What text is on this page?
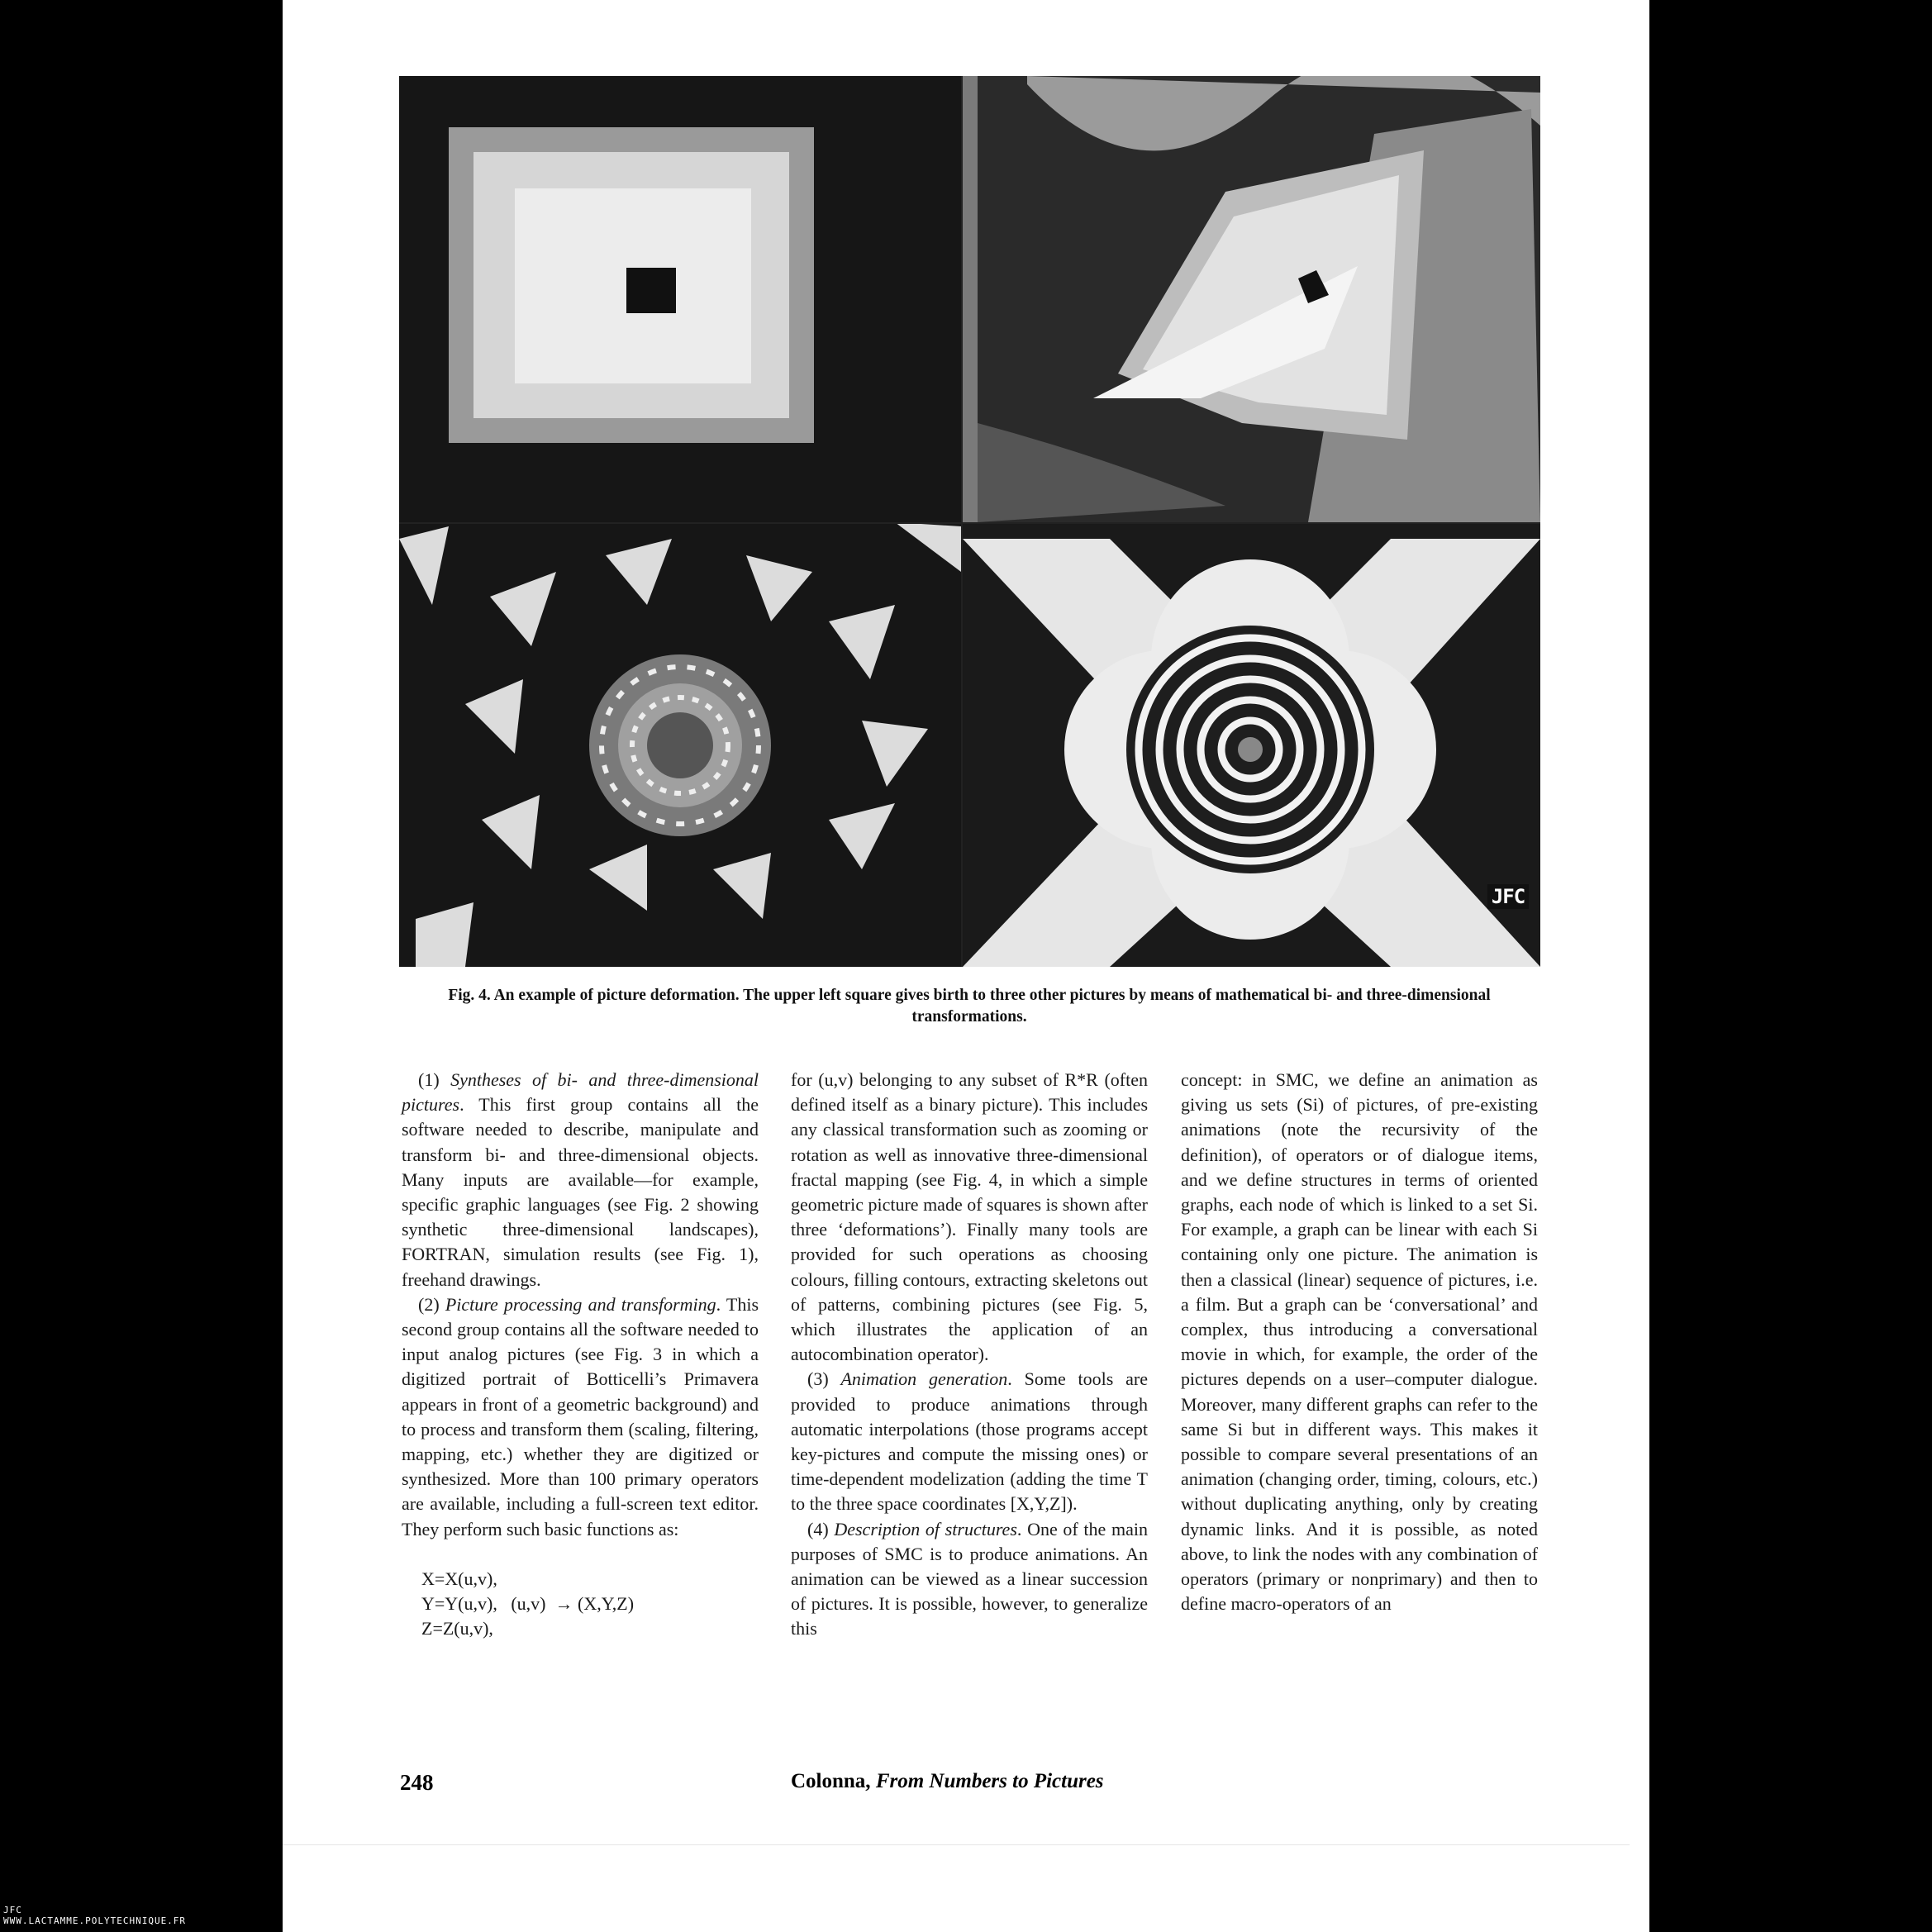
JFC
Fig. 4. An example of picture deformation. The upper left square gives birth to three other pictures by means of mathematical bi- and three-dimensional transformations.

(1) Syntheses of bi- and three-dimensional pictures. This first group contains all the software needed to describe, manipulate and transform bi- and three-dimensional objects. Many inputs are available—for example, specific graphic languages (see Fig. 2 showing synthetic three-dimensional landscapes), FORTRAN, simulation results (see Fig. 1), freehand drawings.

(2) Picture processing and transforming. This second group contains all the software needed to input analog pictures (see Fig. 3 in which a digitized portrait of Botticelli’s Primavera appears in front of a geometric background) and to process and transform them (scaling, filtering, mapping, etc.) whether they are digitized or synthesized. More than 100 primary operators are available, including a full-screen text editor. They perform such basic functions as:

X=X(u,v),
Y=Y(u,v),   (u,v)  → (X,Y,Z)
Z=Z(u,v),

for (u,v) belonging to any subset of R*R (often defined itself as a binary picture). This includes any classical transformation such as zooming or rotation as well as innovative three-dimensional fractal mapping (see Fig. 4, in which a simple geometric picture made of squares is shown after three ‘deformations’). Finally many tools are provided for such operations as choosing colours, filling contours, extracting skeletons out of patterns, combining pictures (see Fig. 5, which illustrates the application of an autocombination operator).

(3) Animation generation. Some tools are provided to produce animations through automatic interpolations (those programs accept key-pictures and compute the missing ones) or time-dependent modelization (adding the time T to the three space coordinates [X,Y,Z]).

(4) Description of structures. One of the main purposes of SMC is to produce animations. An animation can be viewed as a linear succession of pictures. It is possible, however, to generalize this

concept: in SMC, we define an animation as giving us sets (Si) of pictures, of pre-existing animations (note the recursivity of the definition), of operators or of dialogue items, and we define structures in terms of oriented graphs, each node of which is linked to a set Si. For example, a graph can be linear with each Si containing only one picture. The animation is then a classical (linear) sequence of pictures, i.e. a film. But a graph can be ‘conversational’ and complex, thus introducing a conversational movie in which, for example, the order of the pictures depends on a user–computer dialogue. Moreover, many different graphs can refer to the same Si but in different ways. This makes it possible to compare several presentations of an animation (changing order, timing, colours, etc.) without duplicating anything, only by creating dynamic links. And it is possible, as noted above, to link the nodes with any combination of operators (primary or nonprimary) and then to define macro-operators of an

248	Colonna, From Numbers to Pictures
JFC
WWW.LACTAMME.POLYTECHNIQUE.FR
